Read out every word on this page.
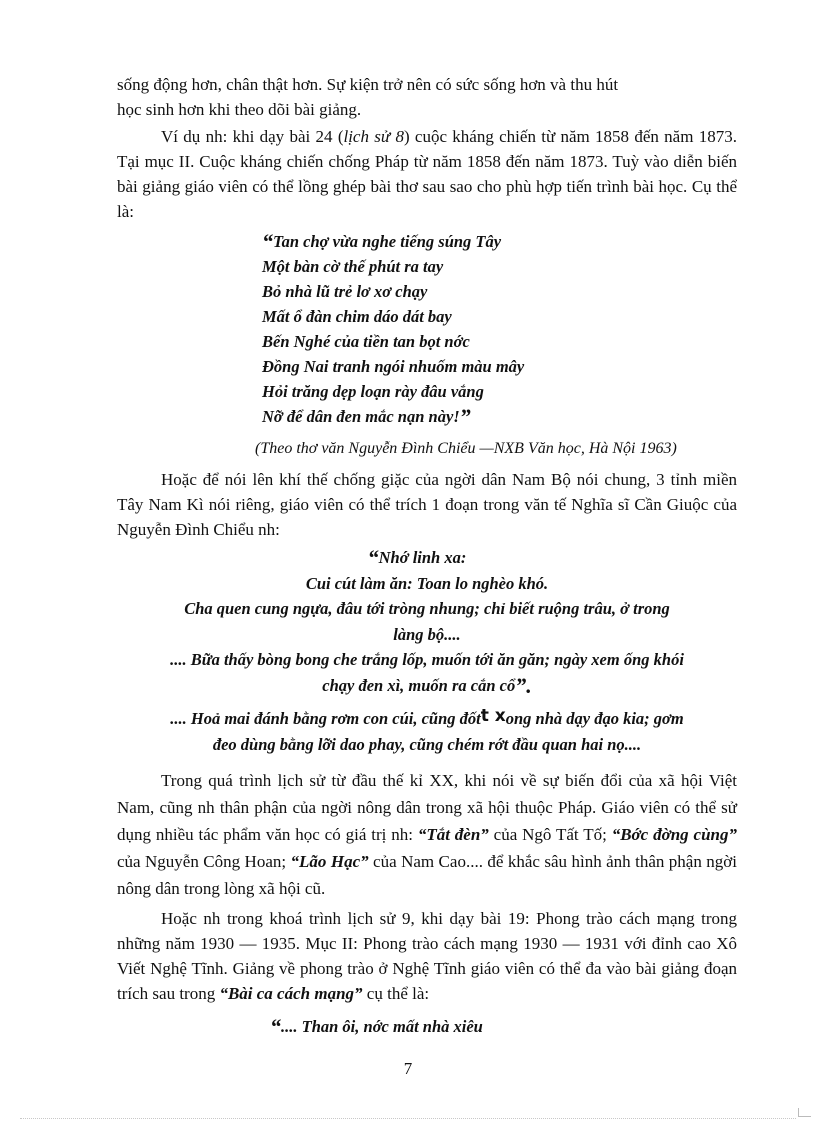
sống động hơn, chân thật hơn. Sự kiện trở nên có sức sống hơn và thu hút

học sinh hơn khi theo dõi bài giảng.

Ví dụ nh: khi dạy bài 24 (lịch sử 8) cuộc kháng chiến từ năm 1858 đến năm 1873. Tại mục II. Cuộc kháng chiến chống Pháp từ năm 1858 đến năm 1873. Tuỳ vào diễn biến bài giảng giáo viên có thể lồng ghép bài thơ sau sao cho phù hợp tiến trình bài học. Cụ thể là:
“Tan chợ vừa nghe tiếng súng Tây
Một bàn cờ thế phút ra tay
Bỏ nhà lũ trẻ lơ xơ chạy
Mất ổ đàn chim dáo dát bay
Bến Nghé của tiền tan bọt nớc
Đồng Nai tranh ngói nhuốm màu mây
Hỏi trăng dẹp loạn rày đâu vắng
Nỡ để dân đen mắc nạn này!”
(Theo thơ văn Nguyễn Đình Chiểu —NXB Văn học, Hà Nội 1963)
Hoặc để nói lên khí thế chống giặc của ngời dân Nam Bộ nói chung, 3 tỉnh miền Tây Nam Kì nói riêng, giáo viên có thể trích 1 đoạn trong văn tế Nghĩa sĩ Cần Giuộc của Nguyễn Đình Chiểu nh:
“Nhớ linh xa:
Cui cút làm ăn: Toan lo nghèo khó.
Cha quen cung ngựa, đâu tới tròng nhung; chỉ biết ruộng trâu, ở trong
làng bộ....
.... Bữa thấy bòng bong che trắng lốp, muốn tới ăn găn; ngày xem ống khói
chạy đen xì, muốn ra cắn cổ”.
.... Hoả mai đánh bằng rơm con cúi, cũng đốtt xong nhà dạy đạo kia; gơm
đeo dùng bằng lỡi dao phay, cũng chém rớt đầu quan hai nọ....
Trong quá trình lịch sử từ đầu thế kỉ XX, khi nói về sự biến đổi của xã hội Việt Nam, cũng nh thân phận của ngời nông dân trong xã hội thuộc Pháp. Giáo viên có thể sử dụng nhiều tác phẩm văn học có giá trị nh: “Tắt đèn” của Ngô Tất Tố; “Bớc đờng cùng” của Nguyễn Công Hoan; “Lão Hạc” của Nam Cao.... để khắc sâu hình ảnh thân phận ngời nông dân trong lòng xã hội cũ.
Hoặc nh trong khoá trình lịch sử 9, khi dạy bài 19: Phong trào cách mạng trong những năm 1930 — 1935. Mục II: Phong trào cách mạng 1930 — 1931 với đỉnh cao Xô Viết Nghệ Tĩnh. Giảng về phong trào ở Nghệ Tĩnh giáo viên có thể đa vào bài giảng đoạn trích sau trong “Bài ca cách mạng” cụ thể là:
“.... Than ôi, nớc mất nhà xiêu
7
